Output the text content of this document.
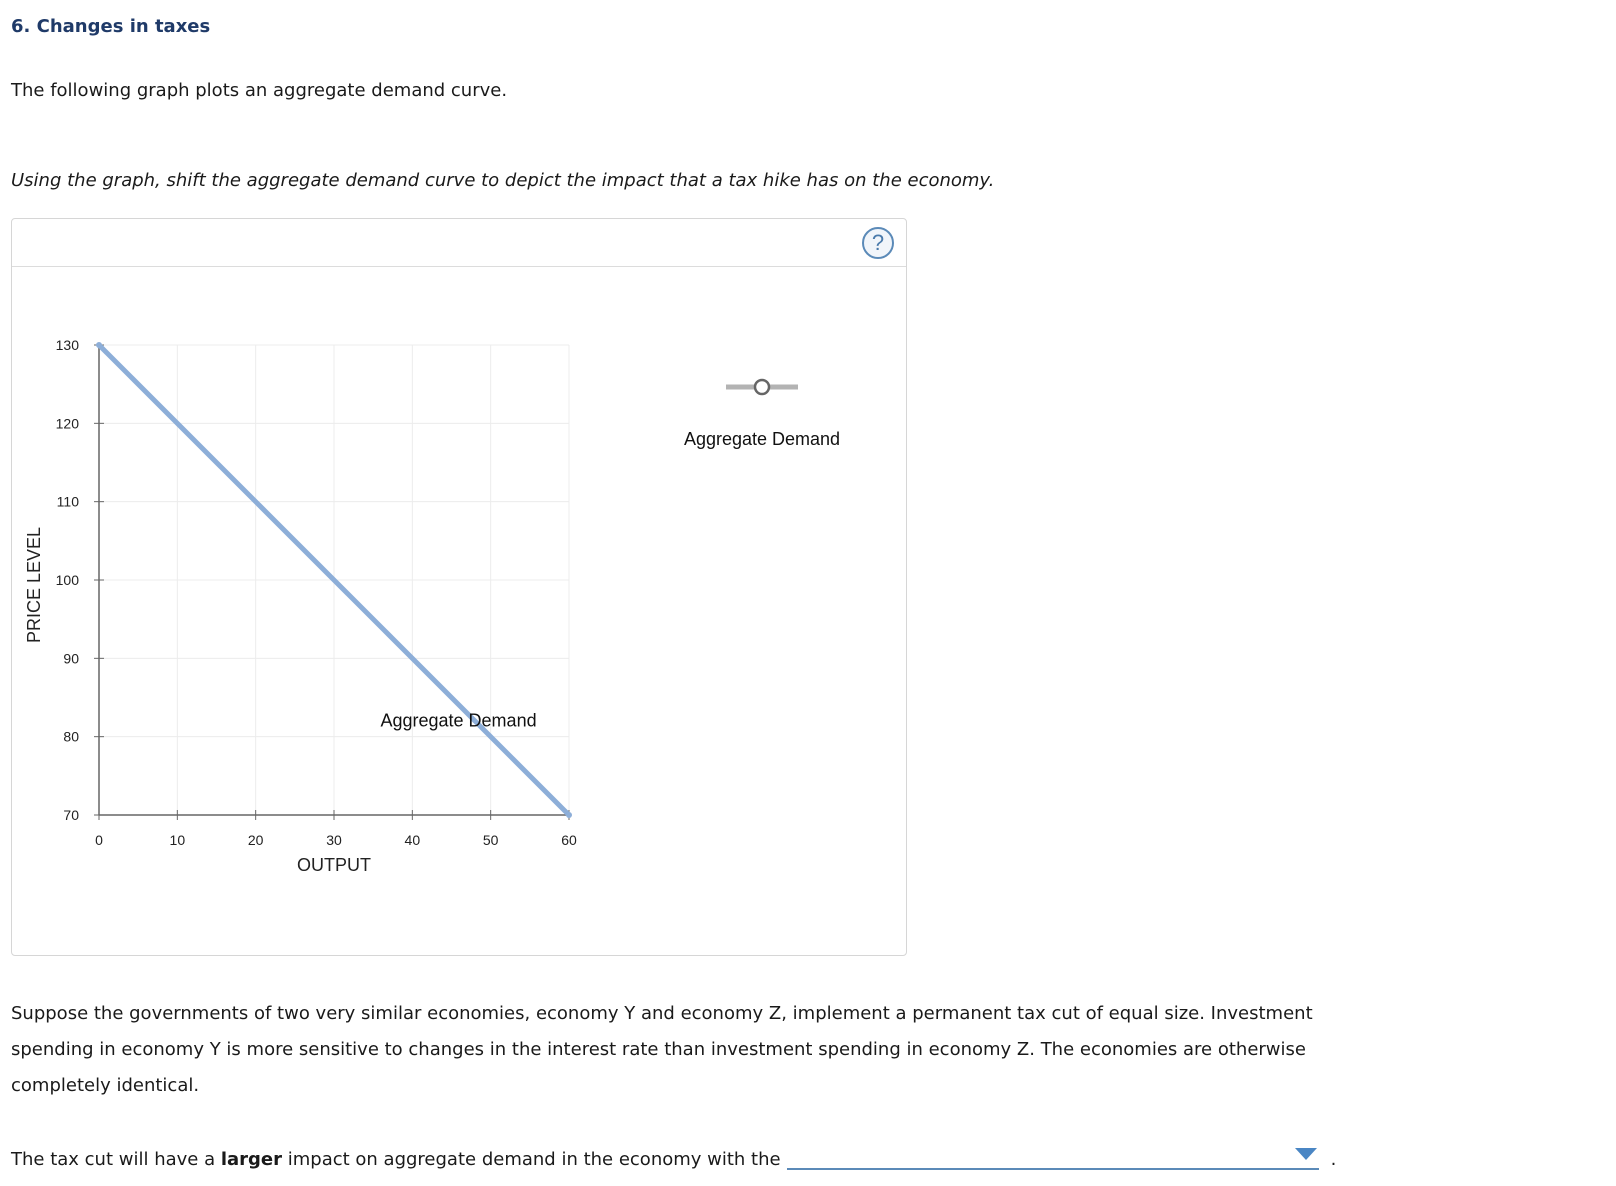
6. Changes in taxes

The following graph plots an aggregate demand curve.

Using the graph, shift the aggregate demand curve to depict the impact that a tax hike has on the economy.

?
0	10	20	30	40	50	60
70
80
90
100
110
120
130
Aggregate Demand
OUTPUT
PRICE LEVEL
Aggregate Demand

Suppose the governments of two very similar economies, economy Y and economy Z, implement a permanent tax cut of equal size. Investment spending in economy Y is more sensitive to changes in the interest rate than investment spending in economy Z. The economies are otherwise completely identical.

The tax cut will have a larger impact on aggregate demand in the economy with the	.
